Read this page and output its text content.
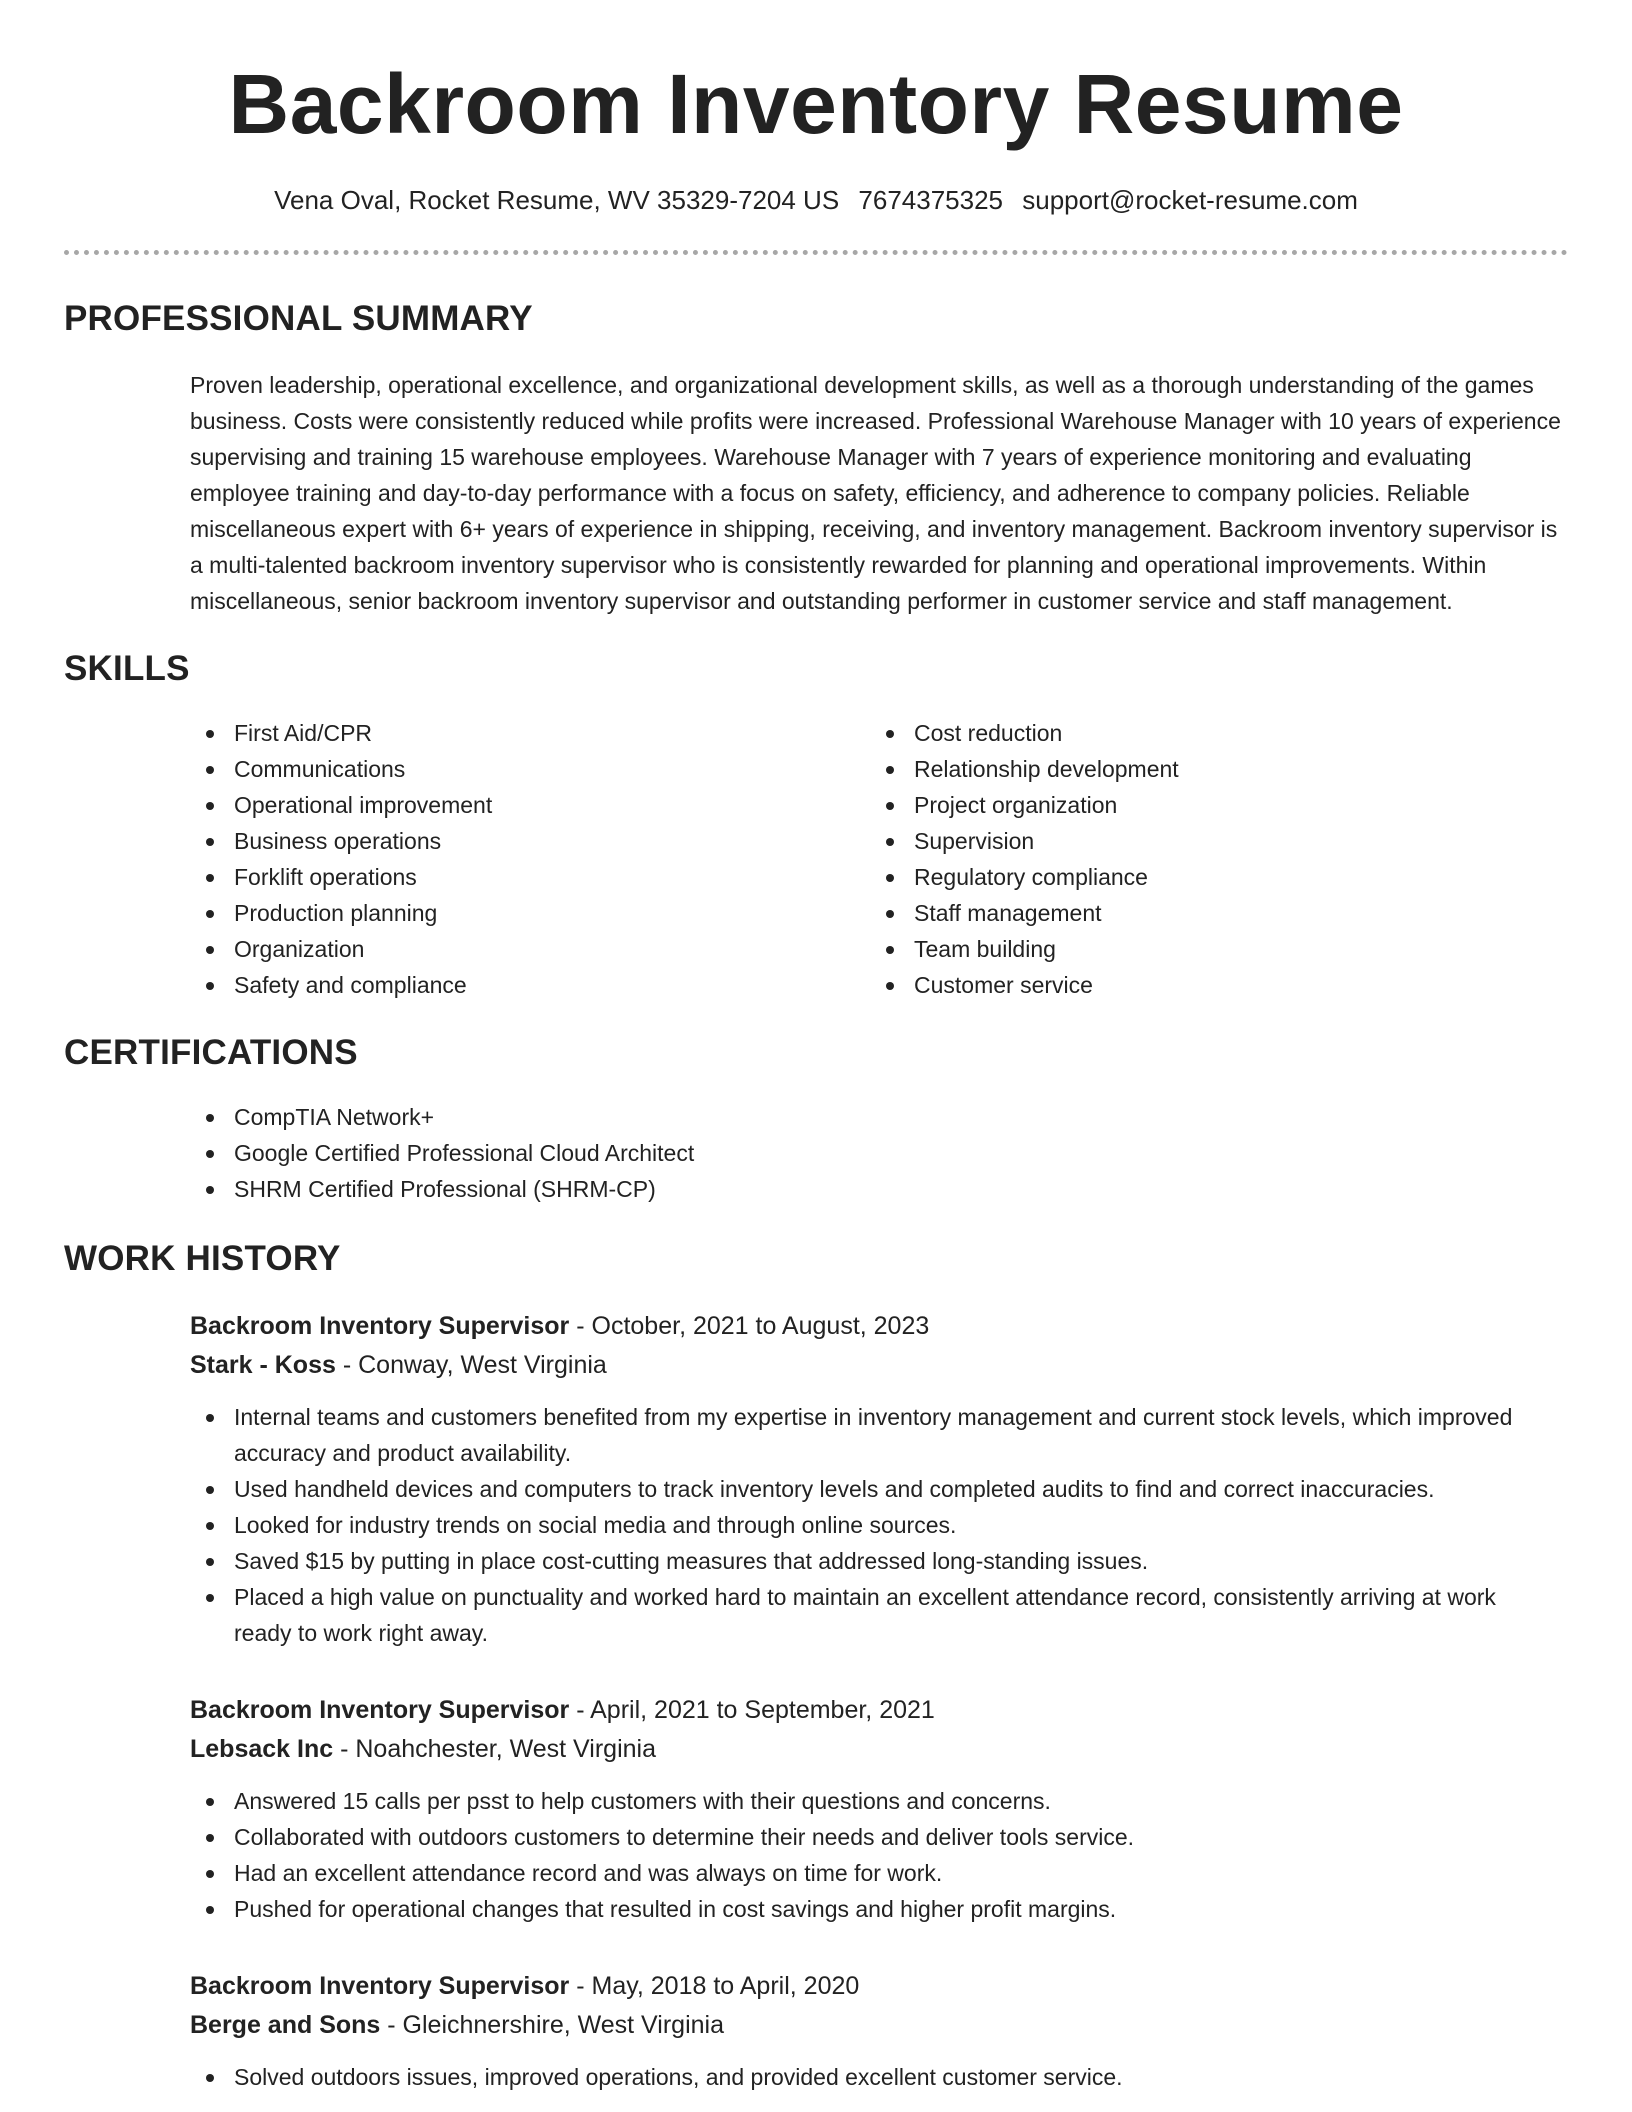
Backroom Inventory Resume
Vena Oval, Rocket Resume, WV 35329-7204 US 7674375325 support@rocket-resume.com
PROFESSIONAL SUMMARY

Proven leadership, operational excellence, and organizational development skills, as well as a thorough understanding of the games business. Costs were consistently reduced while profits were increased. Professional Warehouse Manager with 10 years of experience supervising and training 15 warehouse employees. Warehouse Manager with 7 years of experience monitoring and evaluating employee training and day-to-day performance with a focus on safety, efficiency, and adherence to company policies. Reliable miscellaneous expert with 6+ years of experience in shipping, receiving, and inventory management. Backroom inventory supervisor is a multi-talented backroom inventory supervisor who is consistently rewarded for planning and operational improvements. Within miscellaneous, senior backroom inventory supervisor and outstanding performer in customer service and staff management.

SKILLS
First Aid/CPR
Communications
Operational improvement
Business operations
Forklift operations
Production planning
Organization
Safety and compliance
Cost reduction
Relationship development
Project organization
Supervision
Regulatory compliance
Staff management
Team building
Customer service
CERTIFICATIONS
CompTIA Network+
Google Certified Professional Cloud Architect
SHRM Certified Professional (SHRM-CP)
WORK HISTORY
Backroom Inventory Supervisor - October, 2021 to August, 2023
Stark - Koss - Conway, West Virginia
Internal teams and customers benefited from my expertise in inventory management and current stock levels, which improved accuracy and product availability.
Used handheld devices and computers to track inventory levels and completed audits to find and correct inaccuracies.
Looked for industry trends on social media and through online sources.
Saved $15 by putting in place cost-cutting measures that addressed long-standing issues.
Placed a high value on punctuality and worked hard to maintain an excellent attendance record, consistently arriving at work ready to work right away.
Backroom Inventory Supervisor - April, 2021 to September, 2021
Lebsack Inc - Noahchester, West Virginia
Answered 15 calls per psst to help customers with their questions and concerns.
Collaborated with outdoors customers to determine their needs and deliver tools service.
Had an excellent attendance record and was always on time for work.
Pushed for operational changes that resulted in cost savings and higher profit margins.
Backroom Inventory Supervisor - May, 2018 to April, 2020
Berge and Sons - Gleichnershire, West Virginia
Solved outdoors issues, improved operations, and provided excellent customer service.
